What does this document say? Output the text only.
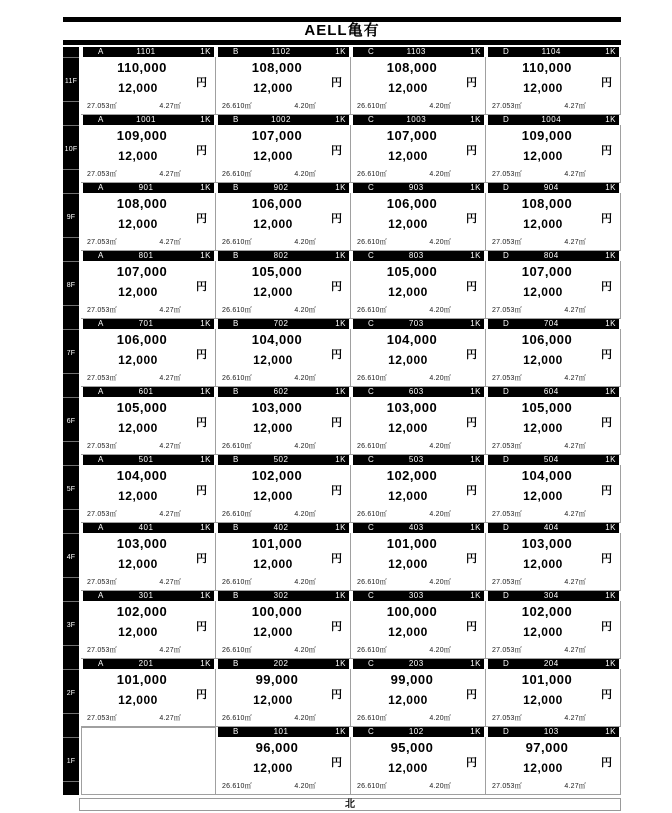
AELL亀有
11F
A	1101	1K
110,000
円
12,000
27.053㎡	4.27㎡
B	1102	1K
108,000
円
12,000
26.610㎡	4.20㎡
C	1103	1K
108,000
円
12,000
26.610㎡	4.20㎡
D	1104	1K
110,000
円
12,000
27.053㎡	4.27㎡
10F
A	1001	1K
109,000
円
12,000
27.053㎡	4.27㎡
B	1002	1K
107,000
円
12,000
26.610㎡	4.20㎡
C	1003	1K
107,000
円
12,000
26.610㎡	4.20㎡
D	1004	1K
109,000
円
12,000
27.053㎡	4.27㎡
9F
A	901	1K
108,000
円
12,000
27.053㎡	4.27㎡
B	902	1K
106,000
円
12,000
26.610㎡	4.20㎡
C	903	1K
106,000
円
12,000
26.610㎡	4.20㎡
D	904	1K
108,000
円
12,000
27.053㎡	4.27㎡
8F
A	801	1K
107,000
円
12,000
27.053㎡	4.27㎡
B	802	1K
105,000
円
12,000
26.610㎡	4.20㎡
C	803	1K
105,000
円
12,000
26.610㎡	4.20㎡
D	804	1K
107,000
円
12,000
27.053㎡	4.27㎡
7F
A	701	1K
106,000
円
12,000
27.053㎡	4.27㎡
B	702	1K
104,000
円
12,000
26.610㎡	4.20㎡
C	703	1K
104,000
円
12,000
26.610㎡	4.20㎡
D	704	1K
106,000
円
12,000
27.053㎡	4.27㎡
6F
A	601	1K
105,000
円
12,000
27.053㎡	4.27㎡
B	602	1K
103,000
円
12,000
26.610㎡	4.20㎡
C	603	1K
103,000
円
12,000
26.610㎡	4.20㎡
D	604	1K
105,000
円
12,000
27.053㎡	4.27㎡
5F
A	501	1K
104,000
円
12,000
27.053㎡	4.27㎡
B	502	1K
102,000
円
12,000
26.610㎡	4.20㎡
C	503	1K
102,000
円
12,000
26.610㎡	4.20㎡
D	504	1K
104,000
円
12,000
27.053㎡	4.27㎡
4F
A	401	1K
103,000
円
12,000
27.053㎡	4.27㎡
B	402	1K
101,000
円
12,000
26.610㎡	4.20㎡
C	403	1K
101,000
円
12,000
26.610㎡	4.20㎡
D	404	1K
103,000
円
12,000
27.053㎡	4.27㎡
3F
A	301	1K
102,000
円
12,000
27.053㎡	4.27㎡
B	302	1K
100,000
円
12,000
26.610㎡	4.20㎡
C	303	1K
100,000
円
12,000
26.610㎡	4.20㎡
D	304	1K
102,000
円
12,000
27.053㎡	4.27㎡
2F
A	201	1K
101,000
円
12,000
27.053㎡	4.27㎡
B	202	1K
99,000
円
12,000
26.610㎡	4.20㎡
C	203	1K
99,000
円
12,000
26.610㎡	4.20㎡
D	204	1K
101,000
円
12,000
27.053㎡	4.27㎡
1F
B	101	1K
96,000
円
12,000
26.610㎡	4.20㎡
C	102	1K
95,000
円
12,000
26.610㎡	4.20㎡
D	103	1K
97,000
円
12,000
27.053㎡	4.27㎡
北
